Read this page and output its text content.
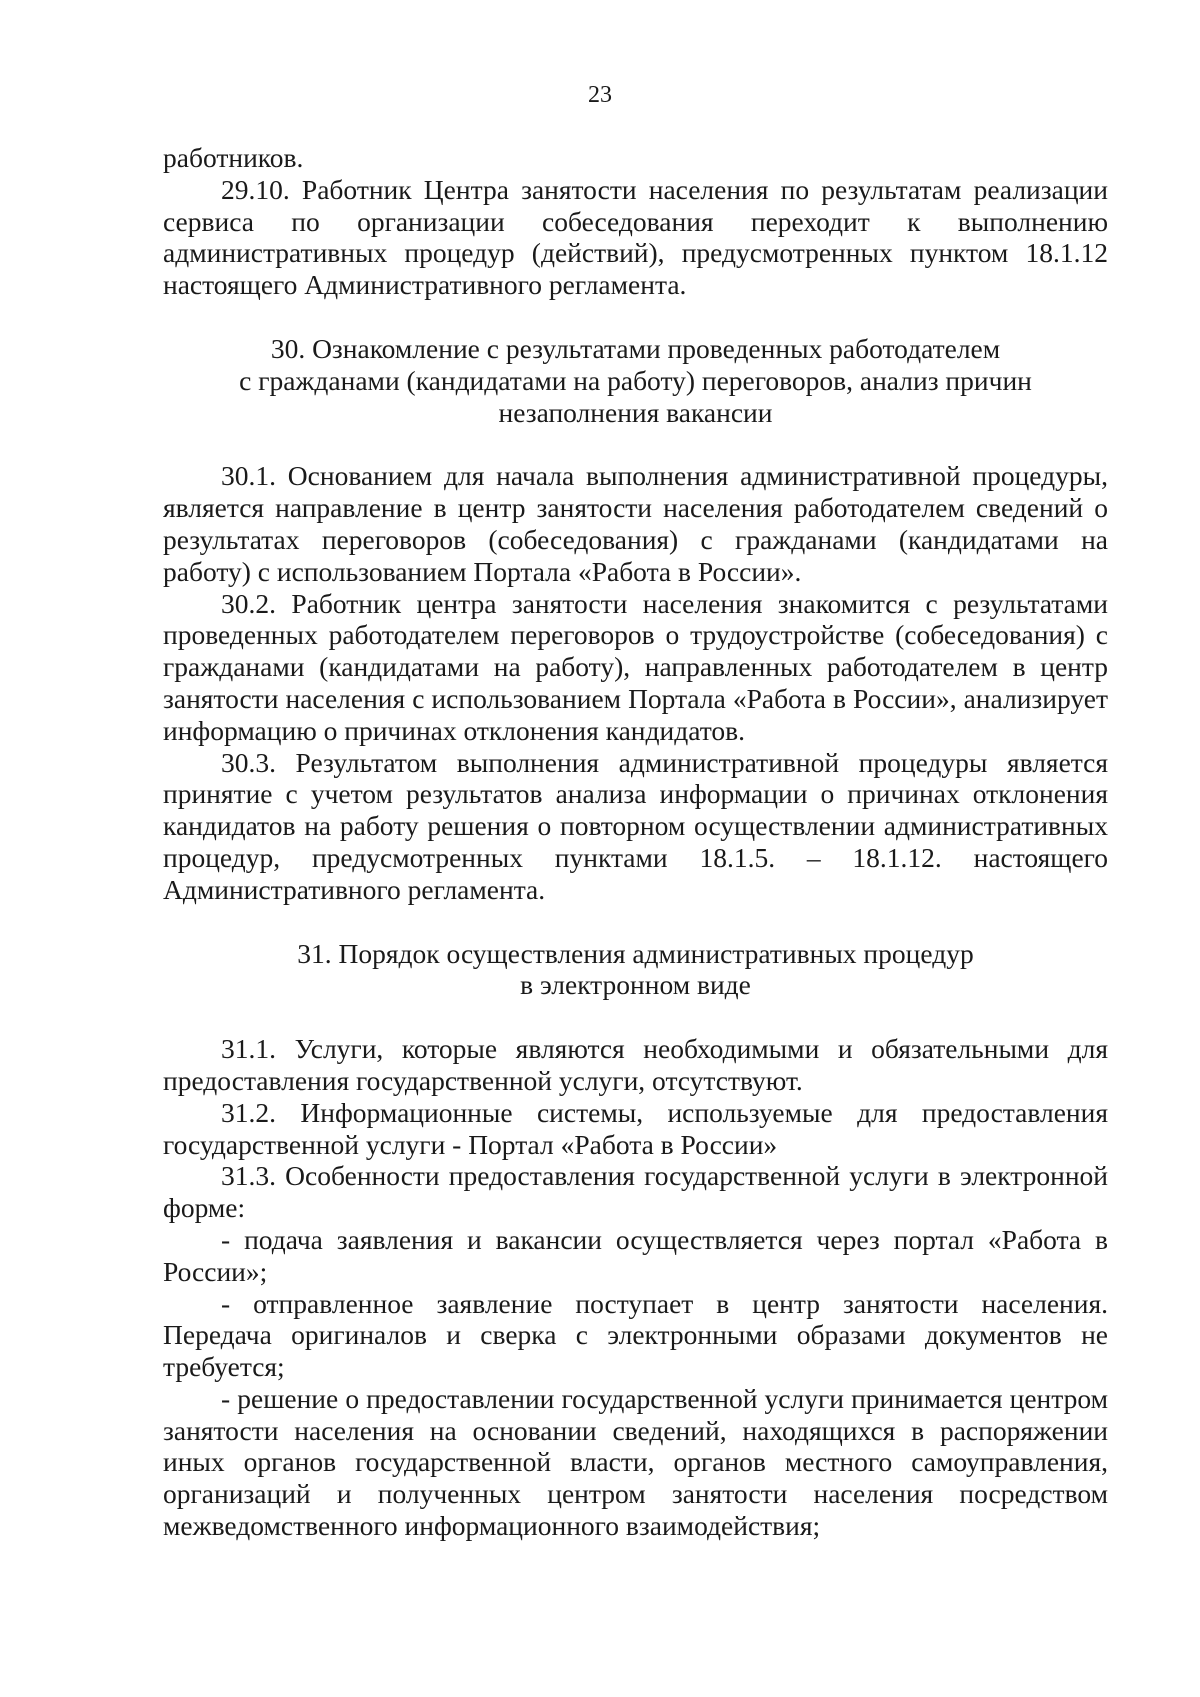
23

работников.

29.10. Работник Центра занятости населения по результатам реализации сервиса по организации собеседования переходит к выполнению административных процедур (действий), предусмотренных пунктом 18.1.12 настоящего Административного регламента.

30. Ознакомление с результатами проведенных работодателем
с гражданами (кандидатами на работу) переговоров, анализ причин
незаполнения вакансии

30.1. Основанием для начала выполнения административной процедуры, является направление в центр занятости населения работодателем сведений о результатах переговоров (собеседования) с гражданами (кандидатами на работу) с использованием Портала «Работа в России».

30.2. Работник центра занятости населения знакомится с результатами проведенных работодателем переговоров о трудоустройстве (собеседования) с гражданами (кандидатами на работу), направленных работодателем в центр занятости населения с использованием Портала «Работа в России», анализирует информацию о причинах отклонения кандидатов.

30.3. Результатом выполнения административной процедуры является принятие с учетом результатов анализа информации о причинах отклонения кандидатов на работу решения о повторном осуществлении административных процедур, предусмотренных пунктами 18.1.5. – 18.1.12. настоящего Административного регламента.

31. Порядок осуществления административных процедур
в электронном виде

31.1. Услуги, которые являются необходимыми и обязательными для предоставления государственной услуги, отсутствуют.

31.2. Информационные системы, используемые для предоставления государственной услуги - Портал «Работа в России»

31.3. Особенности предоставления государственной услуги в электронной форме:

- подача заявления и вакансии осуществляется через портал «Работа в России»;

- отправленное заявление поступает в центр занятости населения. Передача оригиналов и сверка с электронными образами документов не требуется;

- решение о предоставлении государственной услуги принимается центром занятости населения на основании сведений, находящихся в распоряжении иных органов государственной власти, органов местного самоуправления, организаций и полученных центром занятости населения посредством межведомственного информационного взаимодействия;
